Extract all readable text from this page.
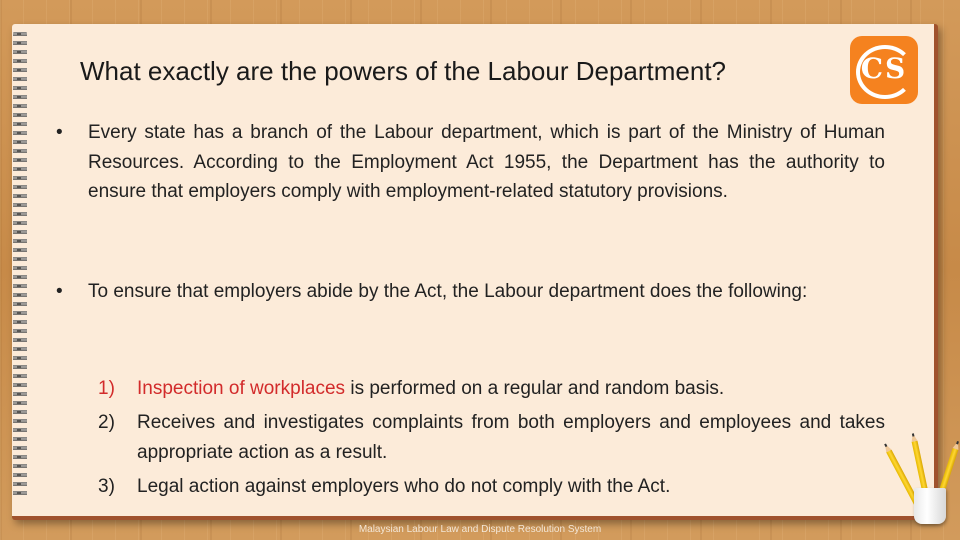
What exactly are the powers of the Labour Department?	CS
• Every state has a branch of the Labour department, which is part of the Ministry of Human Resources. According to the Employment Act 1955, the Department has the authority to ensure that employers comply with employment-related statutory provisions.
• To ensure that employers abide by the Act, the Labour department does the following:
1)	Inspection of workplaces is performed on a regular and random basis.
2)	Receives and investigates complaints from both employers and employees and takes appropriate action as a result.
3)	Legal action against employers who do not comply with the Act.
Malaysian Labour Law and Dispute Resolution System
